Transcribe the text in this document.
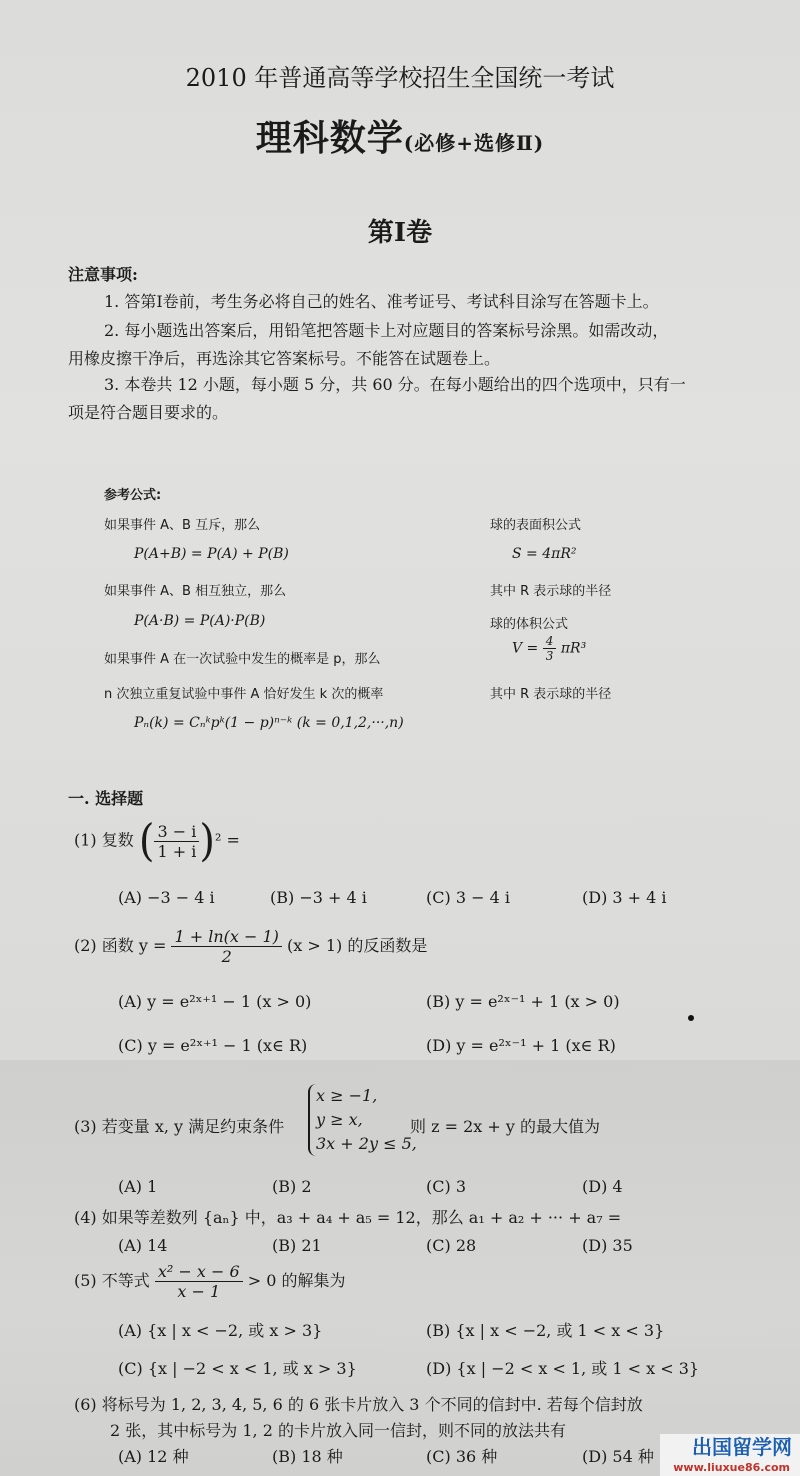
2010 年普通高等学校招生全国统一考试
理科数学(必修+选修Ⅱ)
第Ⅰ卷
注意事项:
1. 答第Ⅰ卷前，考生务必将自己的姓名、准考证号、考试科目涂写在答题卡上。
2. 每小题选出答案后，用铅笔把答题卡上对应题目的答案标号涂黑。如需改动，
用橡皮擦干净后，再选涂其它答案标号。不能答在试题卷上。
3. 本卷共 12 小题，每小题 5 分，共 60 分。在每小题给出的四个选项中，只有一
项是符合题目要求的。
参考公式:
如果事件 A、B 互斥，那么
P(A+B) = P(A) + P(B)
如果事件 A、B 相互独立，那么
P(A·B) = P(A)·P(B)
如果事件 A 在一次试验中发生的概率是 p，那么
n 次独立重复试验中事件 A 恰好发生 k 次的概率
Pₙ(k) = Cₙᵏpᵏ(1 − p)ⁿ⁻ᵏ (k = 0,1,2,···,n)
球的表面积公式
S = 4πR²
其中 R 表示球的半径
球的体积公式
$V = \frac{4}{3} \pi R^3$
其中 R 表示球的半径
一. 选择题
(1) 复数 ( $\frac{3 - i}{1 + i} )^2$ =
(A) −3 − 4 i	(B) −3 + 4 i	(C) 3 − 4 i	(D) 3 + 4 i
(2) 函数 $y = \frac{1 + \ln(x - 1)}{2} (x > 1)$ 的反函数是
(A) y = e²ˣ⁺¹ − 1 (x > 0)	(B) y = e²ˣ⁻¹ + 1 (x > 0)
(C) y = e²ˣ⁺¹ − 1 (x∈ R)	(D) y = e²ˣ⁻¹ + 1 (x∈ R)
(3) 若变量 x, y 满足约束条件
x ≥ −1,
y ≥ x,
3x + 2y ≤ 5,
则 z = 2x + y 的最大值为
(A) 1	(B) 2	(C) 3	(D) 4
(4) 如果等差数列 {aₙ} 中，a₃ + a₄ + a₅ = 12，那么 a₁ + a₂ + ··· + a₇ =
(A) 14	(B) 21	(C) 28	(D) 35
(5) 不等式 $\frac{\text{x² − x − 6}}{x - 1} > 0$ 的解集为
(A) {x | x < −2, 或 x > 3}	(B) {x | x < −2, 或 1 < x < 3}
(C) {x | −2 < x < 1, 或 x > 3}	(D) {x | −2 < x < 1, 或 1 < x < 3}
(6) 将标号为 1, 2, 3, 4, 5, 6 的 6 张卡片放入 3 个不同的信封中. 若每个信封放
2 张，其中标号为 1, 2 的卡片放入同一信封，则不同的放法共有
(A) 12 种	(B) 18 种	(C) 36 种	(D) 54 种 出国留学网
www.liuxue86.com
